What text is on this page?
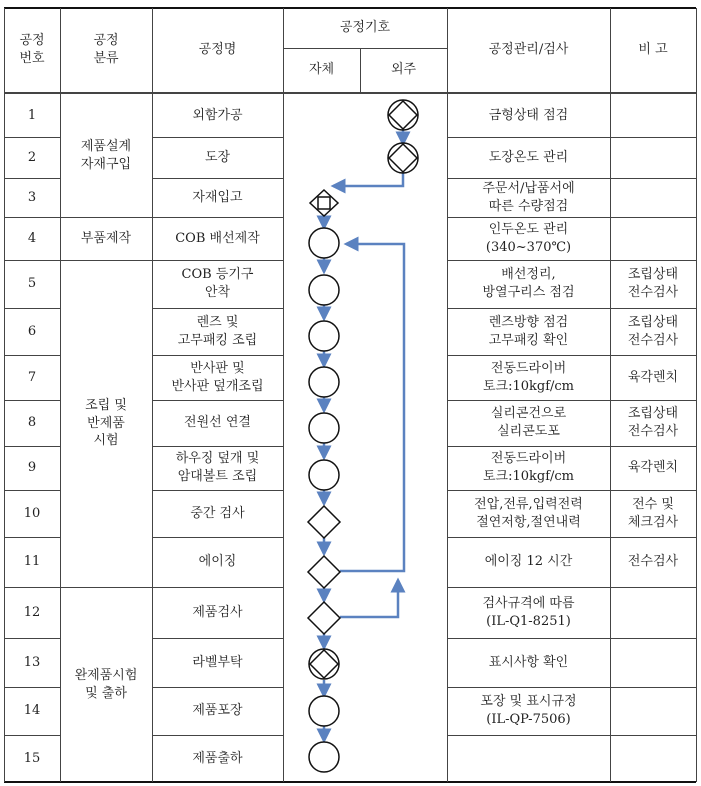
공정
번호
공정
분류
공정명
공정기호
자체	외주
공정관리/검사	비 고
1
2
3
4
5
6
7
8
9
10
11
12
13
14
15
외함가공
도장
자재입고
COB 배선제작
COB 등기구
안착
렌즈 및
고무패킹 조립
반사판 및
반사판 덮개조립
전원선 연결
하우징 덮개 및
암대볼트 조립
중간 검사
에이징
제품검사
라벨부탁
제품포장
제품출하
금형상태 점검
도장온도 관리
주문서/납품서에
따른 수량점검
인두온도 관리
(340~370℃)
배선정리,
방열구리스 점검
렌즈방향 점검
고무패킹 확인
전동드라이버
토크:10kgf/cm
실리콘건으로
실리콘도포
전동드라이버
토크:10kgf/cm
전압,전류,입력전력
절연저항,절연내력
에이징 12 시간
검사규격에 따름
(IL-Q1-8251)
표시사항 확인
포장 및 표시규정
(IL-QP-7506)
조립상태
전수검사
조립상태
전수검사
육각렌치
조립상태
전수검사
육각렌치
전수 및
체크검사
전수검사
제품설계
자재구입
부품제작
조립 및
반제품
시험
완제품시험
및 출하
